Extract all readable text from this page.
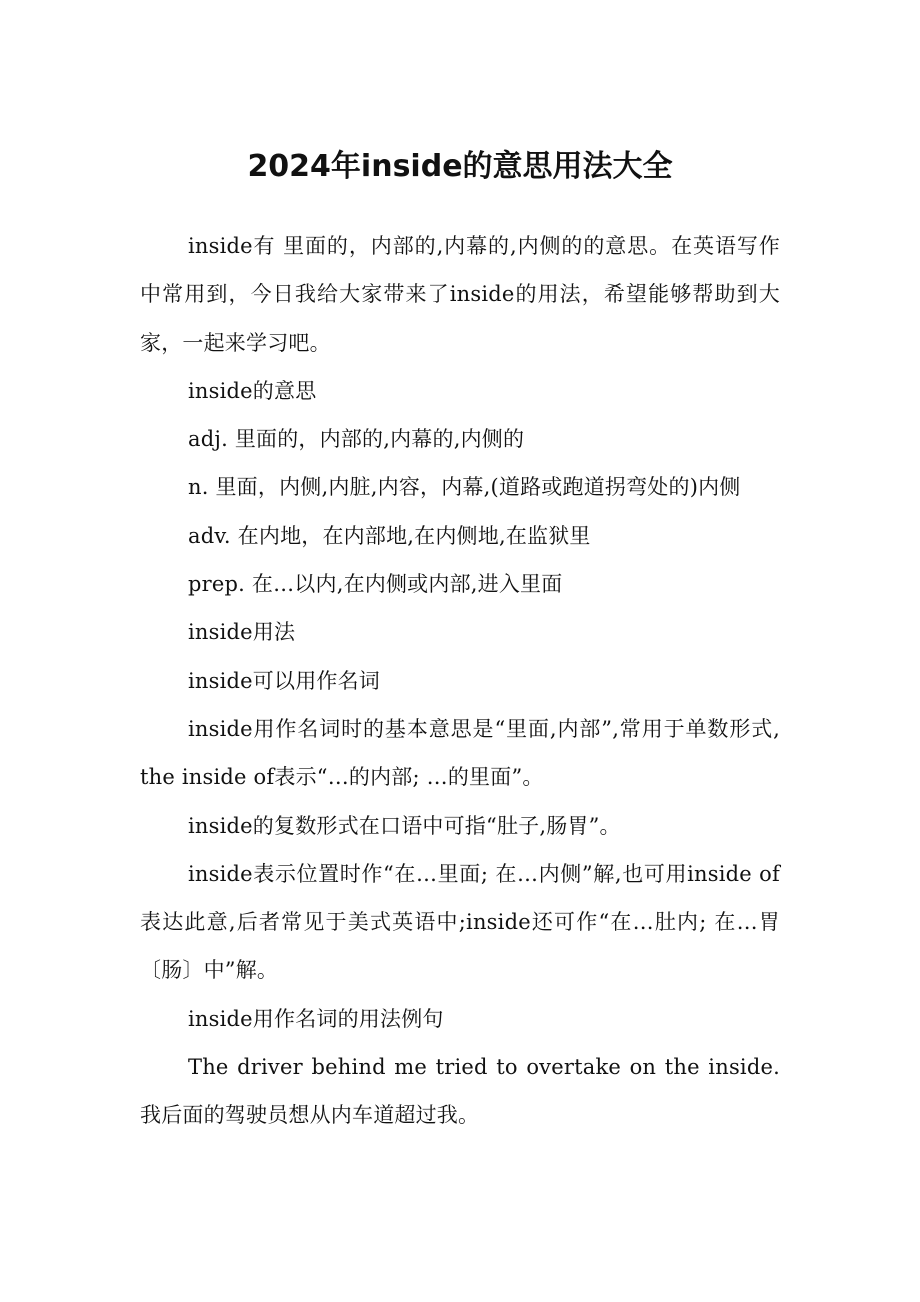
2024年inside的意思用法大全

inside有 里面的，内部的,内幕的,内侧的的意思。在英语写作中常用到，今日我给大家带来了inside的用法，希望能够帮助到大家，一起来学习吧。

inside的意思

adj. 里面的，内部的,内幕的,内侧的

n. 里面，内侧,内脏,内容，内幕,(道路或跑道拐弯处的)内侧

adv. 在内地，在内部地,在内侧地,在监狱里

prep. 在…以内,在内侧或内部,进入里面

inside用法

inside可以用作名词

inside用作名词时的基本意思是“里面,内部”,常用于单数形式, the inside of表示“…的内部; …的里面”。

inside的复数形式在口语中可指“肚子,肠胃”。

inside表示位置时作“在…里面; 在…内侧”解,也可用inside of表达此意,后者常见于美式英语中;inside还可作“在…肚内; 在…胃〔肠〕中”解。

inside用作名词的用法例句

The driver behind me tried to overtake on the inside.我后面的驾驶员想从内车道超过我。
